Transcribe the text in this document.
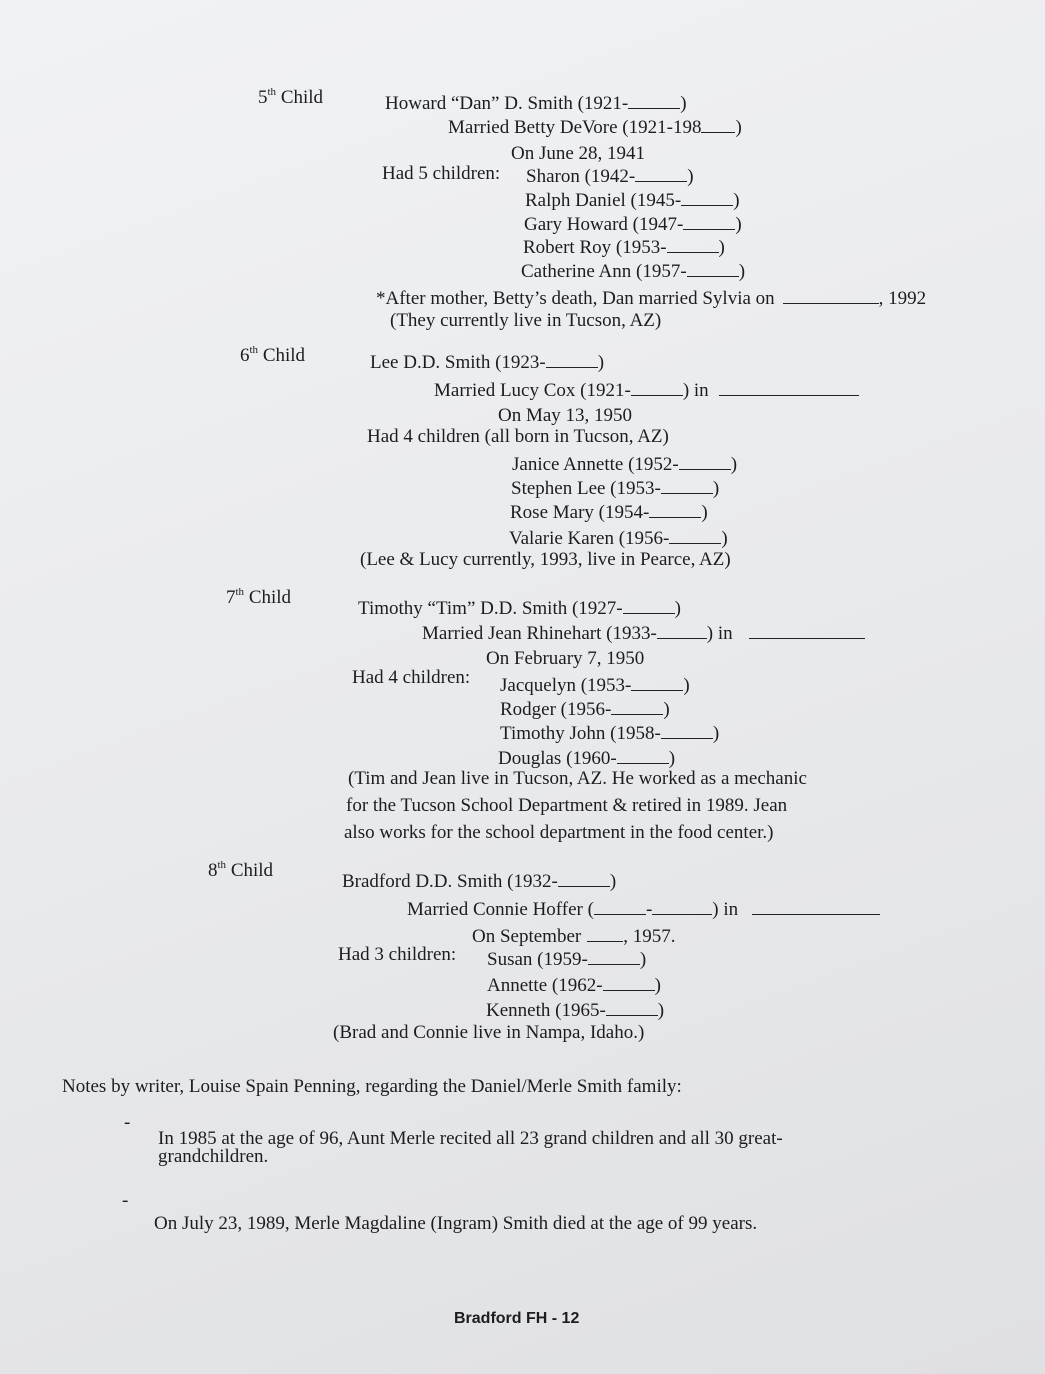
5th Child	Howard “Dan” D. Smith (1921-	)
Married Betty DeVore (1921-198 )
On June 28, 1941
Had 5 children: Sharon (1942-	)
Ralph Daniel (1945-	)
Gary Howard (1947-	)
Robert Roy (1953-	)
Catherine Ann (1957-	)
*After mother, Betty’s death, Dan married Sylvia on	, 1992
(They currently live in Tucson, AZ)
6th Child	Lee D.D. Smith (1923-	)
Married Lucy Cox (1921-	) in
On May 13, 1950
Had 4 children (all born in Tucson, AZ)
Janice Annette (1952-	)
Stephen Lee (1953-	)
Rose Mary (1954-	)
Valarie Karen (1956-	)
(Lee & Lucy currently, 1993, live in Pearce, AZ)
7th Child
Timothy “Tim” D.D. Smith (1927-	)
Married Jean Rhinehart (1933-	) in
On February 7, 1950
Had 4 children: Jacquelyn (1953-	)
Rodger (1956-	)
Timothy John (1958-	)
Douglas (1960-	)
(Tim and Jean live in Tucson, AZ. He worked as a mechanic
for the Tucson School Department & retired in 1989. Jean
also works for the school department in the food center.)
8th Child
Bradford D.D. Smith (1932-	)
Married Connie Hoffer (	-	) in
On September , 1957.
Had 3 children: Susan (1959-	)
Annette (1962-	)
Kenneth (1965-	)
(Brad and Connie live in Nampa, Idaho.)
Notes by writer, Louise Spain Penning, regarding the Daniel/Merle Smith family:
-
In 1985 at the age of 96, Aunt Merle recited all 23 grand children and all 30 great-
grandchildren.
-
On July 23, 1989, Merle Magdaline (Ingram) Smith died at the age of 99 years.
Bradford FH - 12
